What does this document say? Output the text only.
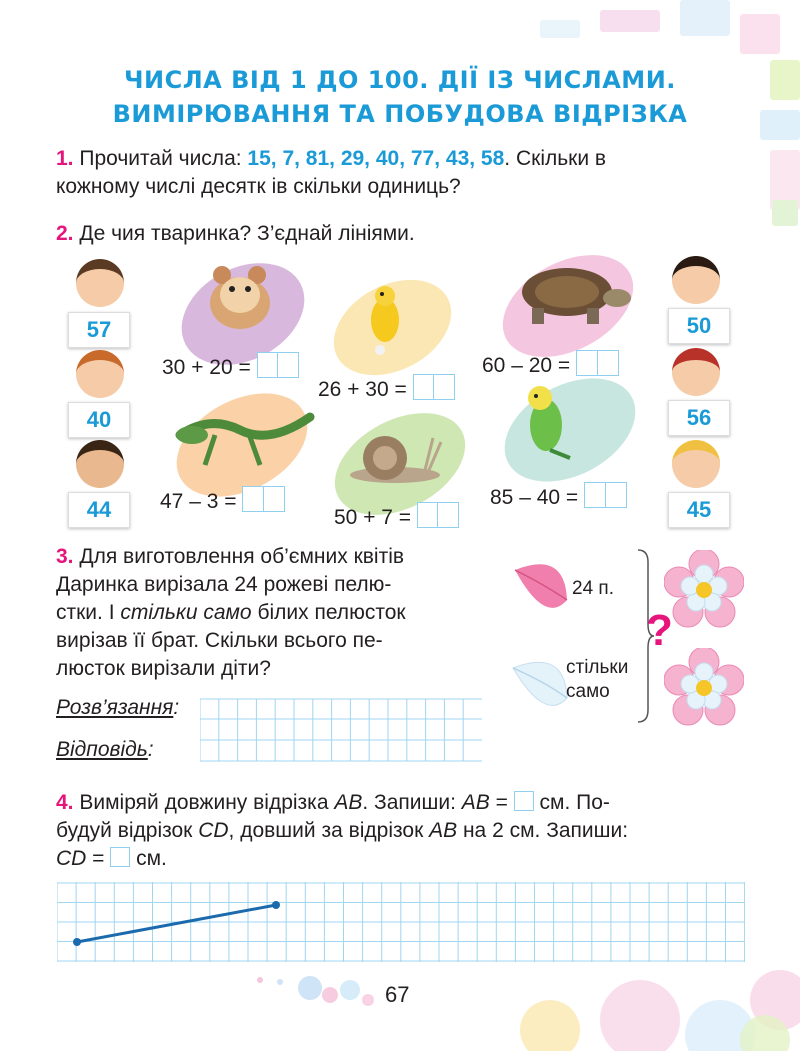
ЧИСЛА ВІД 1 ДО 100. ДІЇ ІЗ ЧИСЛАМИ.
ВИМІРЮВАННЯ ТА ПОБУДОВА ВІДРІЗКА
1. Прочитай числа: 15, 7, 81, 29, 40, 77, 43, 58. Скільки в
кожному числі десятк ів скільки одиниць?
2. Де чия тваринка? З’єднай лініями.
57
40
44
50
56
45
30 + 20 =
26 + 30 =
60 – 20 =
47 – 3 =
50 + 7 =
85 – 40 =
3. Для виготовлення об’ємних квітів
Даринка вирізала 24 рожеві пелю-
стки. І стільки само білих пелюсток
вирізав її брат. Скільки всього пе-
люсток вирізали діти?
Розв’язання:
Відповідь:
24 п.
стільки
само
?
4. Виміряй довжину відрізка AB. Запиши: AB =  см. По-
будуй відрізок CD, довший за відрізок AB на 2 см. Запиши:
CD =  см.
67
